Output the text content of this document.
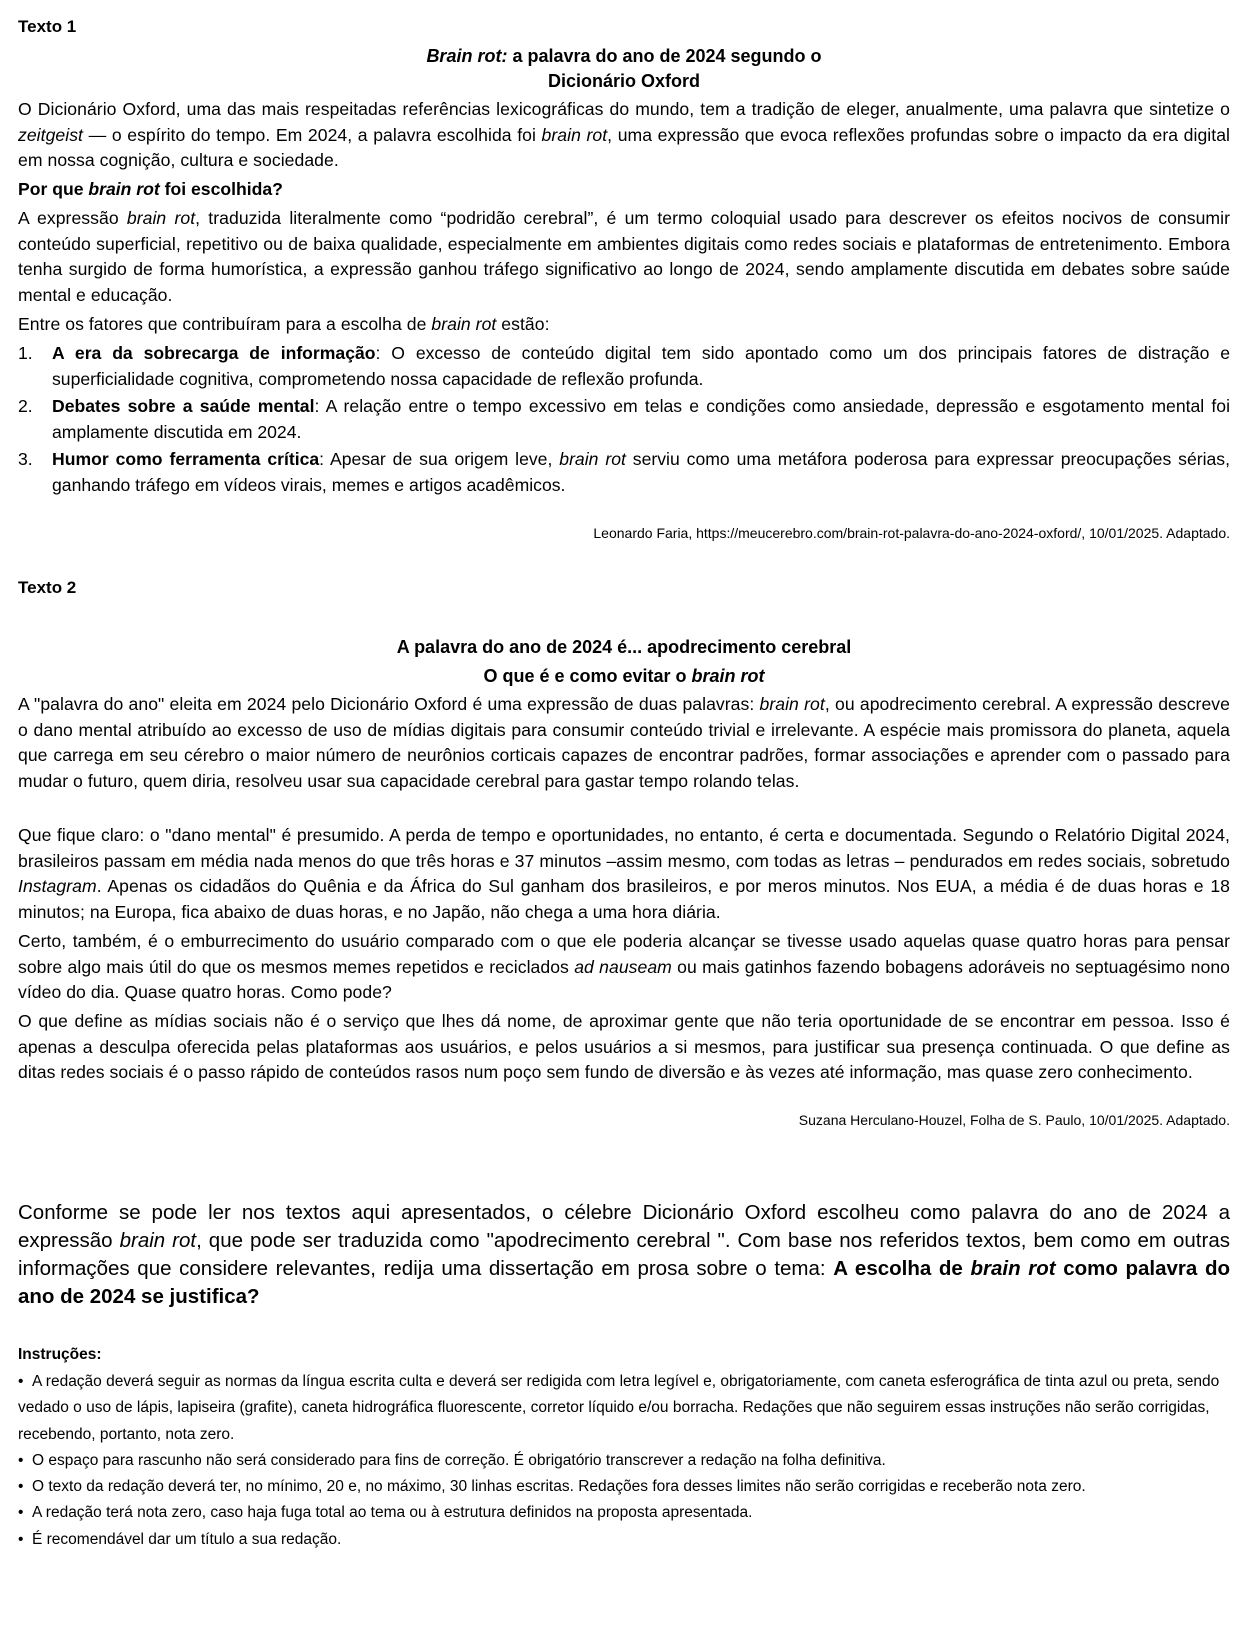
Texto 1
Brain rot: a palavra do ano de 2024 segundo o
Dicionário Oxford
O Dicionário Oxford, uma das mais respeitadas referências lexicográficas do mundo, tem a tradição de eleger, anualmente, uma palavra que sintetize o zeitgeist — o espírito do tempo. Em 2024, a palavra escolhida foi brain rot, uma expressão que evoca reflexões profundas sobre o impacto da era digital em nossa cognição, cultura e sociedade.
Por que brain rot foi escolhida?
A expressão brain rot, traduzida literalmente como “podridão cerebral”, é um termo coloquial usado para descrever os efeitos nocivos de consumir conteúdo superficial, repetitivo ou de baixa qualidade, especialmente em ambientes digitais como redes sociais e plataformas de entretenimento. Embora tenha surgido de forma humorística, a expressão ganhou tráfego significativo ao longo de 2024, sendo amplamente discutida em debates sobre saúde mental e educação.
Entre os fatores que contribuíram para a escolha de brain rot estão:
1. A era da sobrecarga de informação: O excesso de conteúdo digital tem sido apontado como um dos principais fatores de distração e superficialidade cognitiva, comprometendo nossa capacidade de reflexão profunda.
2. Debates sobre a saúde mental: A relação entre o tempo excessivo em telas e condições como ansiedade, depressão e esgotamento mental foi amplamente discutida em 2024.
3. Humor como ferramenta crítica: Apesar de sua origem leve, brain rot serviu como uma metáfora poderosa para expressar preocupações sérias, ganhando tráfego em vídeos virais, memes e artigos acadêmicos.
Leonardo Faria, https://meucerebro.com/brain-rot-palavra-do-ano-2024-oxford/, 10/01/2025. Adaptado.
Texto 2
A palavra do ano de 2024 é... apodrecimento cerebral
O que é e como evitar o brain rot
A "palavra do ano" eleita em 2024 pelo Dicionário Oxford é uma expressão de duas palavras: brain rot, ou apodrecimento cerebral. A expressão descreve o dano mental atribuído ao excesso de uso de mídias digitais para consumir conteúdo trivial e irrelevante. A espécie mais promissora do planeta, aquela que carrega em seu cérebro o maior número de neurônios corticais capazes de encontrar padrões, formar associações e aprender com o passado para mudar o futuro, quem diria, resolveu usar sua capacidade cerebral para gastar tempo rolando telas.
Que fique claro: o "dano mental" é presumido. A perda de tempo e oportunidades, no entanto, é certa e documentada. Segundo o Relatório Digital 2024, brasileiros passam em média nada menos do que três horas e 37 minutos –assim mesmo, com todas as letras – pendurados em redes sociais, sobretudo Instagram. Apenas os cidadãos do Quênia e da África do Sul ganham dos brasileiros, e por meros minutos. Nos EUA, a média é de duas horas e 18 minutos; na Europa, fica abaixo de duas horas, e no Japão, não chega a uma hora diária.
Certo, também, é o emburrecimento do usuário comparado com o que ele poderia alcançar se tivesse usado aquelas quase quatro horas para pensar sobre algo mais útil do que os mesmos memes repetidos e reciclados ad nauseam ou mais gatinhos fazendo bobagens adoráveis no septuagésimo nono vídeo do dia. Quase quatro horas. Como pode?
O que define as mídias sociais não é o serviço que lhes dá nome, de aproximar gente que não teria oportunidade de se encontrar em pessoa. Isso é apenas a desculpa oferecida pelas plataformas aos usuários, e pelos usuários a si mesmos, para justificar sua presença continuada. O que define as ditas redes sociais é o passo rápido de conteúdos rasos num poço sem fundo de diversão e às vezes até informação, mas quase zero conhecimento.
Suzana Herculano-Houzel, Folha de S. Paulo, 10/01/2025. Adaptado.
Conforme se pode ler nos textos aqui apresentados, o célebre Dicionário Oxford escolheu como palavra do ano de 2024 a expressão brain rot, que pode ser traduzida como "apodrecimento cerebral ". Com base nos referidos textos, bem como em outras informações que considere relevantes, redija uma dissertação em prosa sobre o tema: A escolha de brain rot como palavra do ano de 2024 se justifica?
Instruções:
• A redação deverá seguir as normas da língua escrita culta e deverá ser redigida com letra legível e, obrigatoriamente, com caneta esferográfica de tinta azul ou preta, sendo vedado o uso de lápis, lapiseira (grafite), caneta hidrográfica fluorescente, corretor líquido e/ou borracha. Redações que não seguirem essas instruções não serão corrigidas, recebendo, portanto, nota zero.
• O espaço para rascunho não será considerado para fins de correção. É obrigatório transcrever a redação na folha definitiva.
• O texto da redação deverá ter, no mínimo, 20 e, no máximo, 30 linhas escritas. Redações fora desses limites não serão corrigidas e receberão nota zero.
• A redação terá nota zero, caso haja fuga total ao tema ou à estrutura definidos na proposta apresentada.
• É recomendável dar um título a sua redação.
